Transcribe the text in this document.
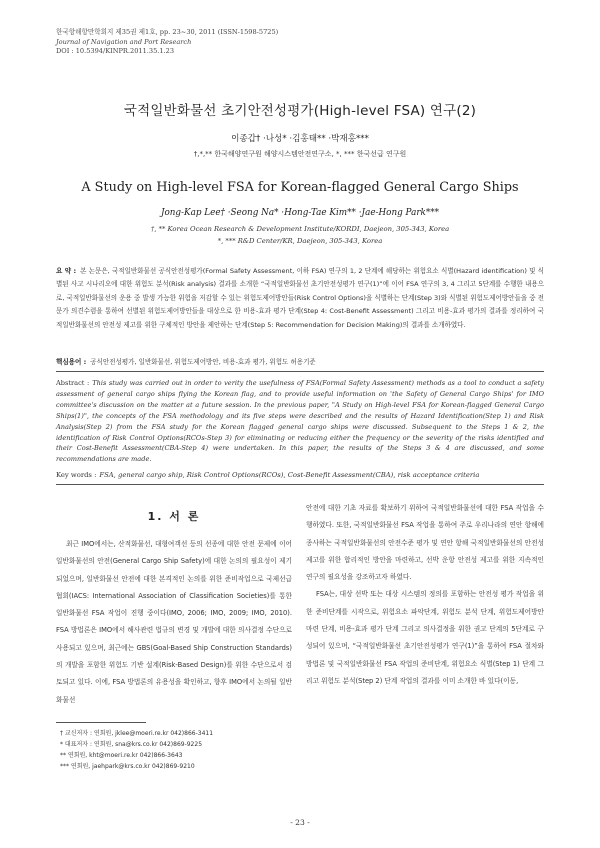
한국항해항만학회지 제35권 제1호, pp. 23~30, 2011 (ISSN-1598-5725)
Journal of Navigation and Port Research
DOI : 10.5394/KINPR.2011.35.1.23
국적일반화물선 초기안전성평가(High-level FSA) 연구(2)
이종갑† ·나성* ·김홍태** ·박재홍***
†,*,** 한국해양연구원 해양시스템안전연구소, *, *** 한국선급 연구원
A Study on High-level FSA for Korean-flagged General Cargo Ships
Jong-Kap Lee† ·Seong Na* ·Hong-Tae Kim** ·Jae-Hong Park***
†, ** Korea Ocean Research & Development Institute/KORDI, Daejeon, 305-343, Korea
*, *** R&D Center/KR, Daejeon, 305-343, Korea
요 약 : 본 논문은, 국적일반화물선 공식안전성평가(Formal Safety Assessment, 이하 FSA) 연구의 1, 2 단계에 해당하는 위험요소 식별(Hazard identification) 및 식별된 사고 시나리오에 대한 위험도 분석(Risk analysis) 결과를 소개한 “국적일반화물선 초기안전성평가 연구(1)”에 이어 FSA 연구의 3, 4 그리고 5단계를 수행한 내용으로, 국적일반화물선의 운용 중 발생 가능한 위험을 저감할 수 있는 위험도제어방안들(Risk Control Options)을 식별하는 단계(Step 3)와 식별된 위험도제어방안들을 중 전문가 의견수렴을 통하여 선별된 위험도제어방안들을 대상으로 한 비용-효과 평가 단계(Step 4: Cost-Benefit Assessment) 그리고 비용-효과 평가의 결과를 정리하여 국적일반화물선의 안전성 제고를 위한 구체적인 방안을 제안하는 단계(Step 5: Recommendation for Decision Making)의 결과를 소개하였다.
핵심용어 : 공식안전성평가, 일반화물선, 위험도제어방안, 비용-효과 평가, 위험도 허용기준
Abstract : This study was carried out in order to verity the usefulness of FSA(Formal Safety Assessment) methods as a tool to conduct a safety assessment of general cargo ships flying the Korean flag, and to provide useful information on 'the Safety of General Cargo Ships' for IMO committee's discussion on the matter at a future session. In the previous paper, "A Study on High-level FSA for Korean-flagged General Cargo Ships(1)", the concepts of the FSA methodology and its five steps were described and the results of Hazard Identification(Step 1) and Risk Analysis(Step 2) from the FSA study for the Korean flagged general cargo ships were discussed. Subsequent to the Steps 1 & 2, the identification of Risk Control Options(RCOs-Step 3) for eliminating or reducing either the frequency or the severity of the risks identified and their Cost-Benefit Assessment(CBA-Step 4) were undertaken. In this paper, the results of the Steps 3 & 4 are discussed, and some recommendations are made.
Key words : FSA, general cargo ship, Risk Control Options(RCOs), Cost-Benefit Assessment(CBA), risk acceptance criteria
1. 서 론

최근 IMO에서는, 산적화물선, 대형여객선 등의 선종에 대한 안전 문제에 이어 일반화물선의 안전(General Cargo Ship Safety)에 대한 논의의 필요성이 제기 되었으며, 일반화물선 안전에 대한 본격적인 논의를 위한 준비작업으로 국제선급협회(IACS: International Association of Classification Societies)를 통한 일반화물선 FSA 작업이 진행 중이다(IMO, 2006; IMO, 2009; IMO, 2010). FSA 방법론은 IMO에서 해사관련 법규의 변경 및 개발에 대한 의사결정 수단으로 사용되고 있으며, 최근에는 GBS(Goal-Based Ship Construction Standards)의 개발을 포함한 위험도 기반 설계(Risk-Based Design)를 위한 수단으로서 검토되고 있다. 이에, FSA 방법론의 유용성을 확인하고, 향후 IMO에서 논의될 일반화물선

안전에 대한 기초 자료를 확보하기 위하여 국적일반화물선에 대한 FSA 작업을 수행하였다. 또한, 국적일반화물선 FSA 작업을 통하여 주로 우리나라의 연안 항해에 종사하는 국적일반화물선의 안전수준 평가 및 연안 항해 국적일반화물선의 안전성 제고를 위한 합리적인 방안을 마련하고, 선박 운항 안전성 제고를 위한 지속적인 연구의 필요성을 강조하고자 하였다.

FSA는, 대상 선박 또는 대상 시스템의 정의를 포함하는 안전성 평가 작업을 위한 준비단계를 시작으로, 위험요소 파악단계, 위험도 분석 단계, 위험도제어방안 마련 단계, 비용-효과 평가 단계 그리고 의사결정을 위한 권고 단계의 5단계로 구성되어 있으며, “국적일반화물선 초기안전성평가 연구(1)”을 통하여 FSA 절차와 방법론 및 국적일반화물선 FSA 작업의 준비단계, 위험요소 식별(Step 1) 단계 그리고 위험도 분석(Step 2) 단계 작업의 결과를 이미 소개한 바 있다(이동,

† 교신저자 : 연회원, jklee@moeri.re.kr 042)866-3411
* 대표저자 : 연회원, sna@krs.co.kr 042)869-9225
** 연회원, kht@moeri.re.kr 042)866-3643
*** 연회원, jaehpark@krs.co.kr 042)869-9210
- 23 -
